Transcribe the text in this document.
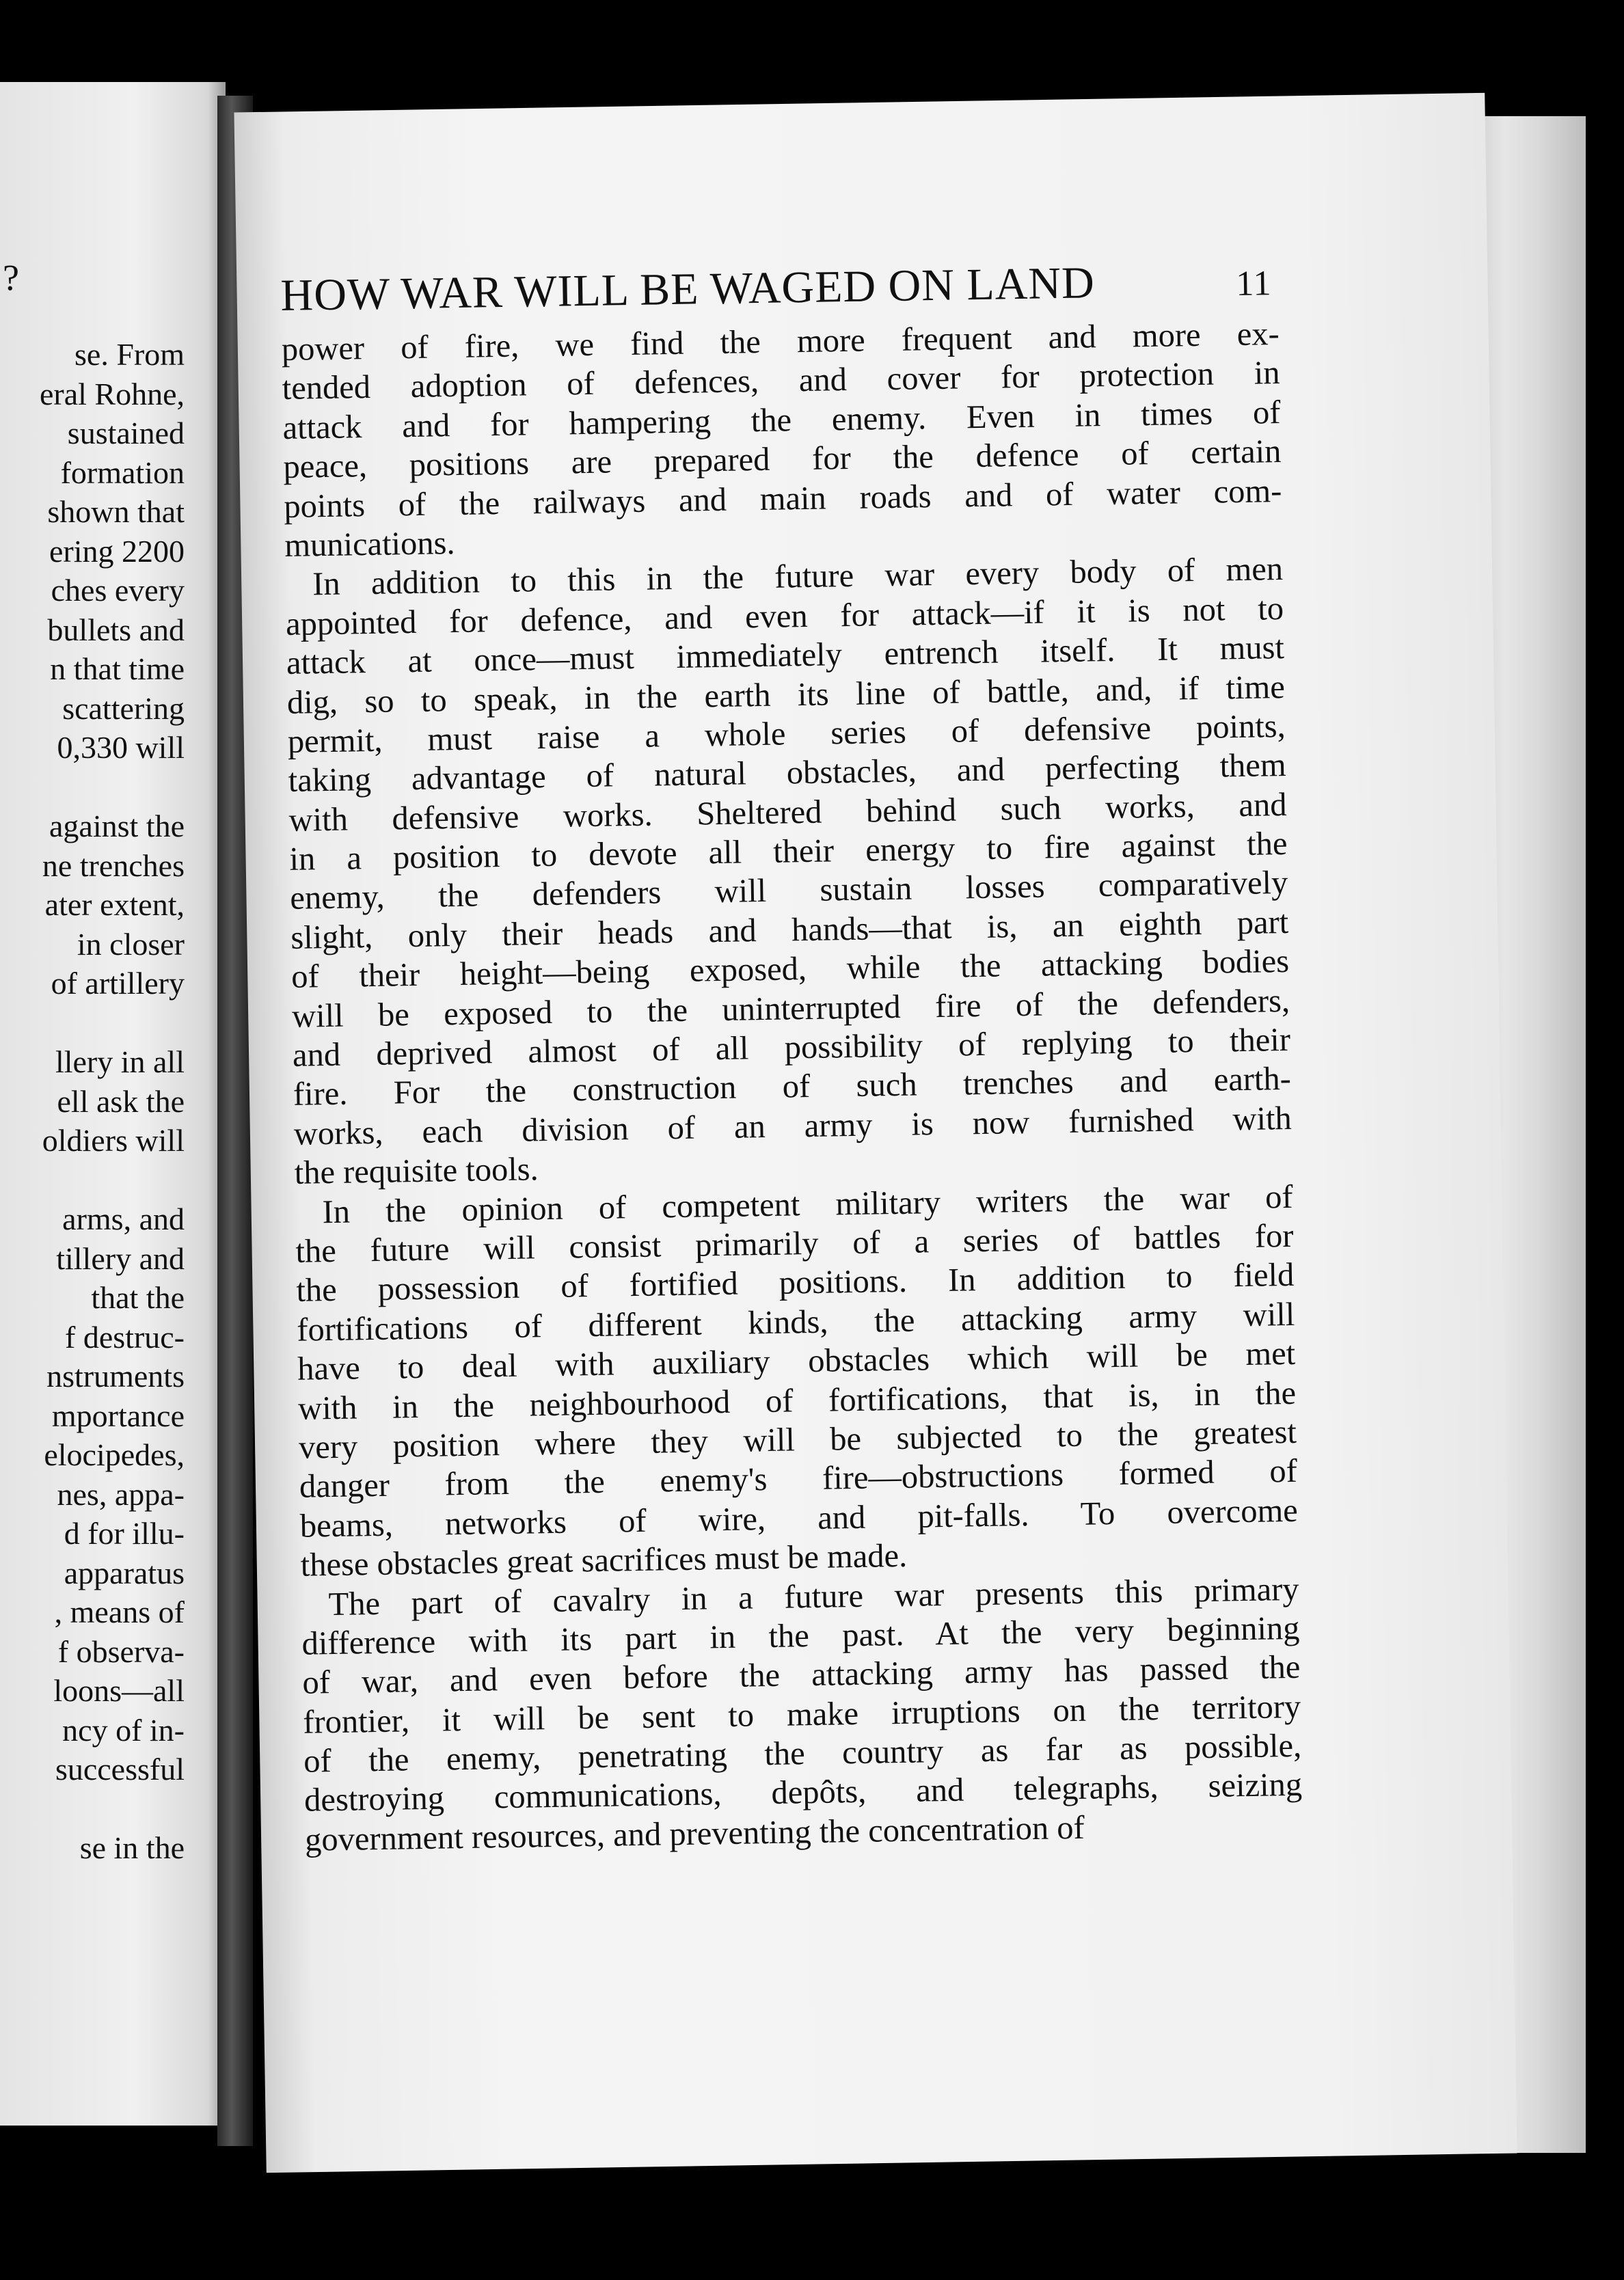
?
se. From
eral Rohne,
sustained
formation
shown that
ering 2200
ches every
bullets and
n that time
scattering
0,330 will
against the
ne trenches
ater extent,
in closer
of artillery
llery in all
ell ask the
oldiers will
arms, and
tillery and
that the
f destruc-
nstruments
mportance
elocipedes,
nes, appa-
d for illu-
apparatus
, means of
f observa-
loons—all
ncy of in-
successful
se in the
HOW WAR WILL BE WAGED ON LAND	11
power of fire, we find the more frequent and more ex-
tended adoption of defences, and cover for protection in
attack and for hampering the enemy. Even in times of
peace, positions are prepared for the defence of certain
points of the railways and main roads and of water com-
munications.
In addition to this in the future war every body of men
appointed for defence, and even for attack—if it is not to
attack at once—must immediately entrench itself. It must
dig, so to speak, in the earth its line of battle, and, if time
permit, must raise a whole series of defensive points,
taking advantage of natural obstacles, and perfecting them
with defensive works. Sheltered behind such works, and
in a position to devote all their energy to fire against the
enemy, the defenders will sustain losses comparatively
slight, only their heads and hands—that is, an eighth part
of their height—being exposed, while the attacking bodies
will be exposed to the uninterrupted fire of the defenders,
and deprived almost of all possibility of replying to their
fire. For the construction of such trenches and earth-
works, each division of an army is now furnished with
the requisite tools.
In the opinion of competent military writers the war of
the future will consist primarily of a series of battles for
the possession of fortified positions. In addition to field
fortifications of different kinds, the attacking army will
have to deal with auxiliary obstacles which will be met
with in the neighbourhood of fortifications, that is, in the
very position where they will be subjected to the greatest
danger from the enemy's fire—obstructions formed of
beams, networks of wire, and pit-falls. To overcome
these obstacles great sacrifices must be made.
The part of cavalry in a future war presents this primary
difference with its part in the past. At the very beginning
of war, and even before the attacking army has passed the
frontier, it will be sent to make irruptions on the territory
of the enemy, penetrating the country as far as possible,
destroying communications, depôts, and telegraphs, seizing
government resources, and preventing the concentration of
